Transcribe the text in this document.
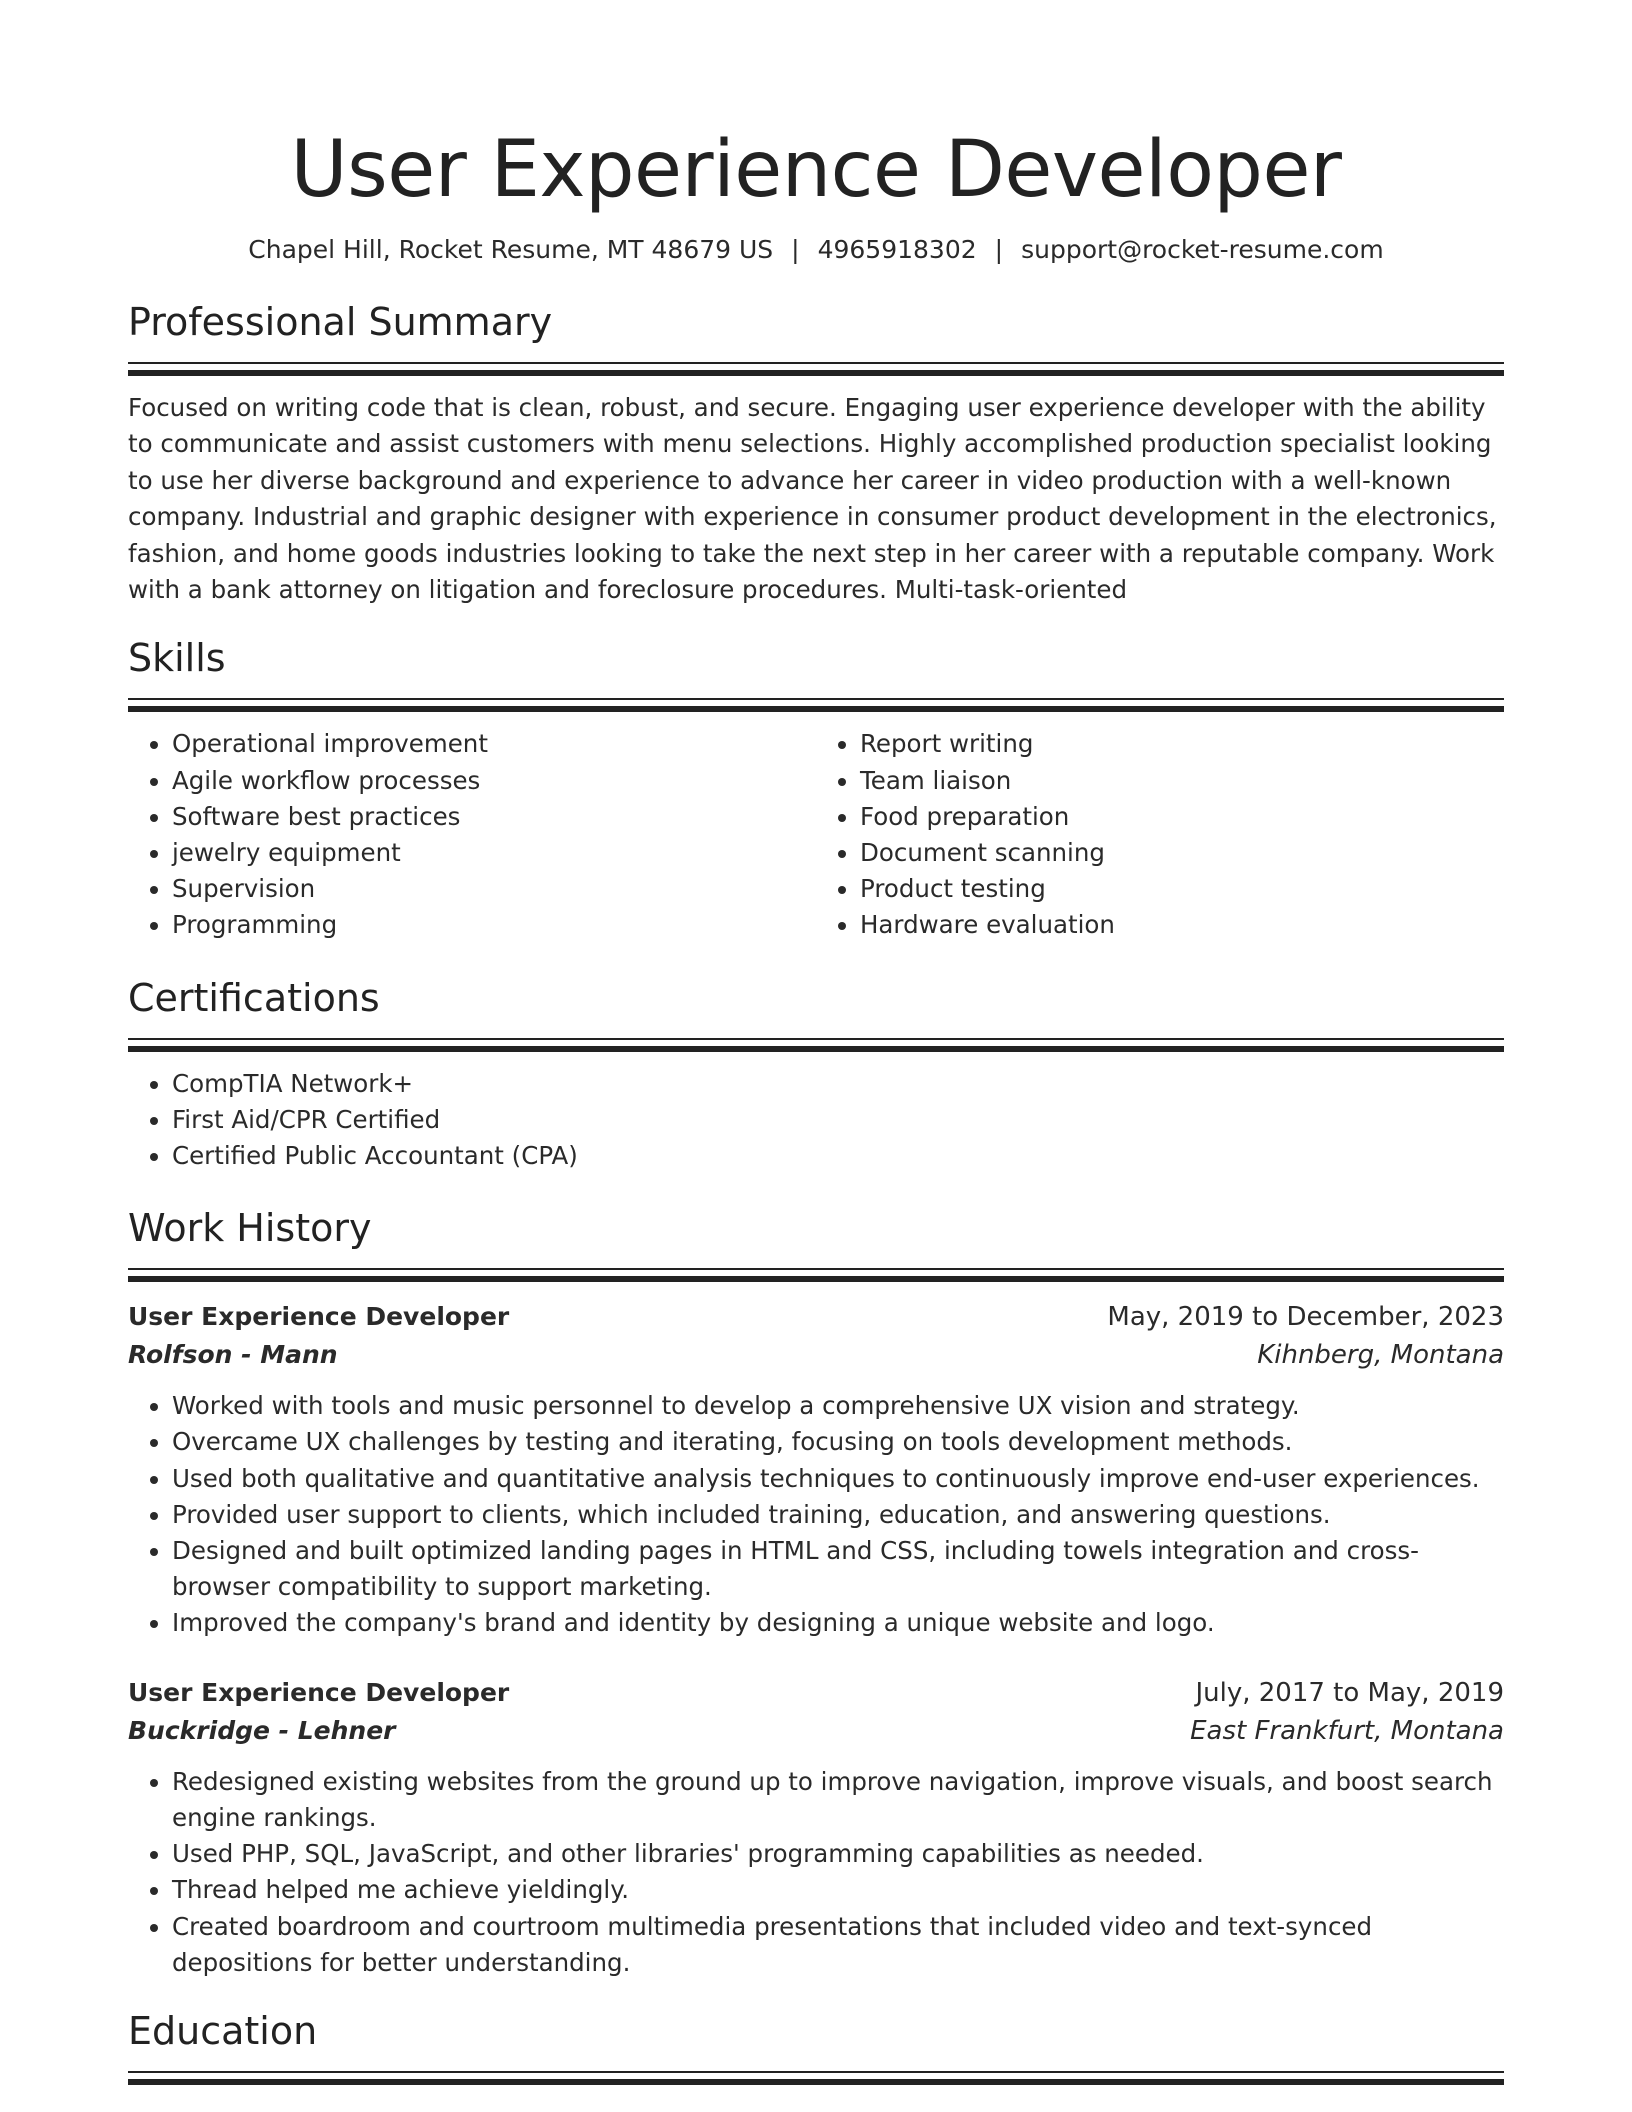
User Experience Developer
Chapel Hill, Rocket Resume, MT 48679 US | 4965918302 | support@rocket-resume.com
Professional Summary

Focused on writing code that is clean, robust, and secure. Engaging user experience developer with the ability to communicate and assist customers with menu selections. Highly accomplished production specialist looking to use her diverse background and experience to advance her career in video production with a well-known company. Industrial and graphic designer with experience in consumer product development in the electronics, fashion, and home goods industries looking to take the next step in her career with a reputable company. Work with a bank attorney on litigation and foreclosure procedures. Multi-task-oriented

Skills
• Operational improvement
• Agile workflow processes
• Software best practices
• jewelry equipment
• Supervision
• Programming
• Report writing
• Team liaison
• Food preparation
• Document scanning
• Product testing
• Hardware evaluation
Certifications
• CompTIA Network+
• First Aid/CPR Certified
• Certified Public Accountant (CPA)
Work History
User Experience Developer	May, 2019 to December, 2023
Rolfson - Mann	Kihnberg, Montana
• Worked with tools and music personnel to develop a comprehensive UX vision and strategy.
• Overcame UX challenges by testing and iterating, focusing on tools development methods.
• Used both qualitative and quantitative analysis techniques to continuously improve end-user experiences.
• Provided user support to clients, which included training, education, and answering questions.
• Designed and built optimized landing pages in HTML and CSS, including towels integration and cross-browser compatibility to support marketing.
• Improved the company's brand and identity by designing a unique website and logo.
User Experience Developer	July, 2017 to May, 2019
Buckridge - Lehner	East Frankfurt, Montana
• Redesigned existing websites from the ground up to improve navigation, improve visuals, and boost search engine rankings.
• Used PHP, SQL, JavaScript, and other libraries' programming capabilities as needed.
• Thread helped me achieve yieldingly.
• Created boardroom and courtroom multimedia presentations that included video and text-synced depositions for better understanding.
Education
